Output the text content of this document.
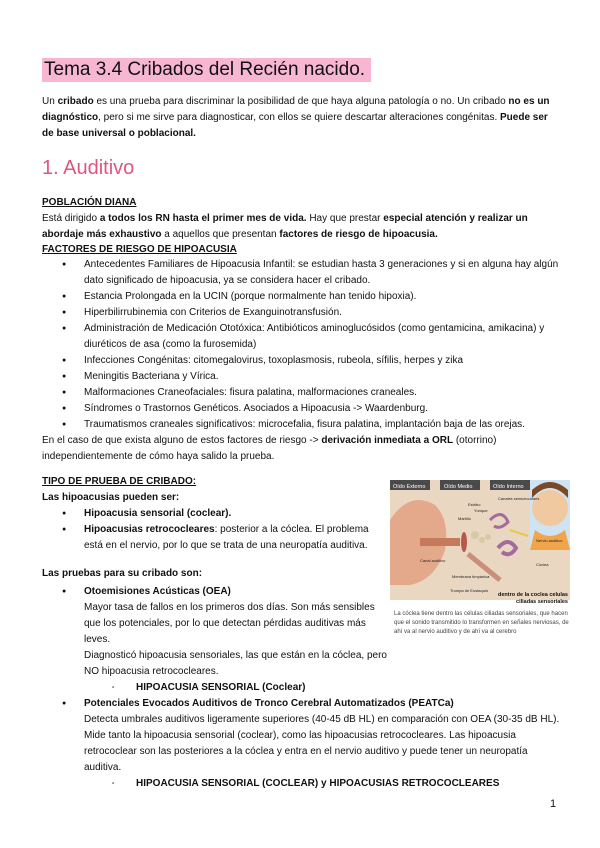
Tema 3.4 Cribados del Recién nacido.
Un cribado es una prueba para discriminar la posibilidad de que haya alguna patología o no. Un cribado no es un diagnóstico, pero si me sirve para diagnosticar, con ellos se quiere descartar alteraciones congénitas. Puede ser de base universal o poblacional.
1. Auditivo
POBLACIÓN DIANA
Está dirigido a todos los RN hasta el primer mes de vida. Hay que prestar especial atención y realizar un abordaje más exhaustivo a aquellos que presentan factores de riesgo de hipoacusia.
FACTORES DE RIESGO DE HIPOACUSIA
● Antecedentes Familiares de Hipoacusia Infantil: se estudian hasta 3 generaciones y si en alguna hay algún dato significado de hipoacusia, ya se considera hacer el cribado.
● Estancia Prolongada en la UCIN (porque normalmente han tenido hipoxia).
● Hiperbilirrubinemia con Criterios de Exanguinotransfusión.
● Administración de Medicación Ototóxica: Antibióticos aminoglucósidos (como gentamicina, amikacina) y diuréticos de asa (como la furosemida)
● Infecciones Congénitas: citomegalovirus, toxoplasmosis, rubeola, sífilis, herpes y zika
● Meningitis Bacteriana y Vírica.
● Malformaciones Craneofaciales: fisura palatina, malformaciones craneales.
● Síndromes o Trastornos Genéticos. Asociados a Hipoacusia -> Waardenburg.
● Traumatismos craneales significativos: microcefalia, fisura palatina, implantación baja de las orejas.
En el caso de que exista alguno de estos factores de riesgo -> derivación inmediata a ORL (otorrino) independientemente de cómo haya salido la prueba.
TIPO DE PRUEBA DE CRIBADO:
Las hipoacusias pueden ser:
● Hipoacusia sensorial (coclear).
● Hipoacusias retrococleares: posterior a la cóclea. El problema está en el nervio, por lo que se trata de una neuropatía auditiva.
Las pruebas para su cribado son:
● Otoemisiones Acústicas (OEA)
Mayor tasa de fallos en los primeros dos días. Son más sensibles que los potenciales, por lo que detectan pérdidas auditivas más leves.
Diagnosticó hipoacusia sensoriales, las que están en la cóclea, pero NO hipoacusia retrococleares.
- HIPOACUSIA SENSORIAL (Coclear)
● Potenciales Evocados Auditivos de Tronco Cerebral Automatizados (PEATCa)
Detecta umbrales auditivos ligeramente superiores (40-45 dB HL) en comparación con OEA (30-35 dB HL). Mide tanto la hipoacusia sensorial (coclear), como las hipoacusias retrococleares. Las hipoacusia retrococlear son las posteriores a la cóclea y entra en el nervio auditivo y puede tener un neuropatía auditiva.
- HIPOACUSIA SENSORIAL (COCLEAR) y HIPOACUSIAS RETROCOCLEARES
Oído Externo	Oído Medio	Oído Interno
Estribo
Yunque
Martillo
Canales semicirculares
Nervio auditivo
Cóclea
Canal auditivo
Membrana timpánica
Trompa de Eustaquio
dentro de la coclea celulas ciliadas sensoriales
La cóclea tiene dentro las células ciliadas sensoriales, que hacen que el sonido transmitido lo transformen en señales nerviosas, de ahí va al nervio auditivo y de ahí va al cerebro
1
